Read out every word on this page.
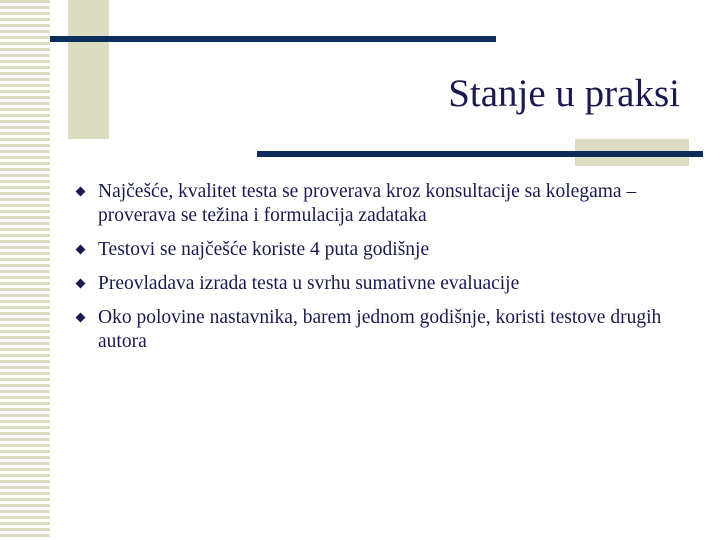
Stanje u praksi
Najčešće, kvalitet testa se proverava kroz konsultacije sa kolegama – proverava se težina i formulacija zadataka
Testovi se najčešće koriste 4 puta godišnje
Preovladava izrada testa u svrhu sumativne evaluacije
Oko polovine nastavnika, barem jednom godišnje, koristi testove drugih autora
